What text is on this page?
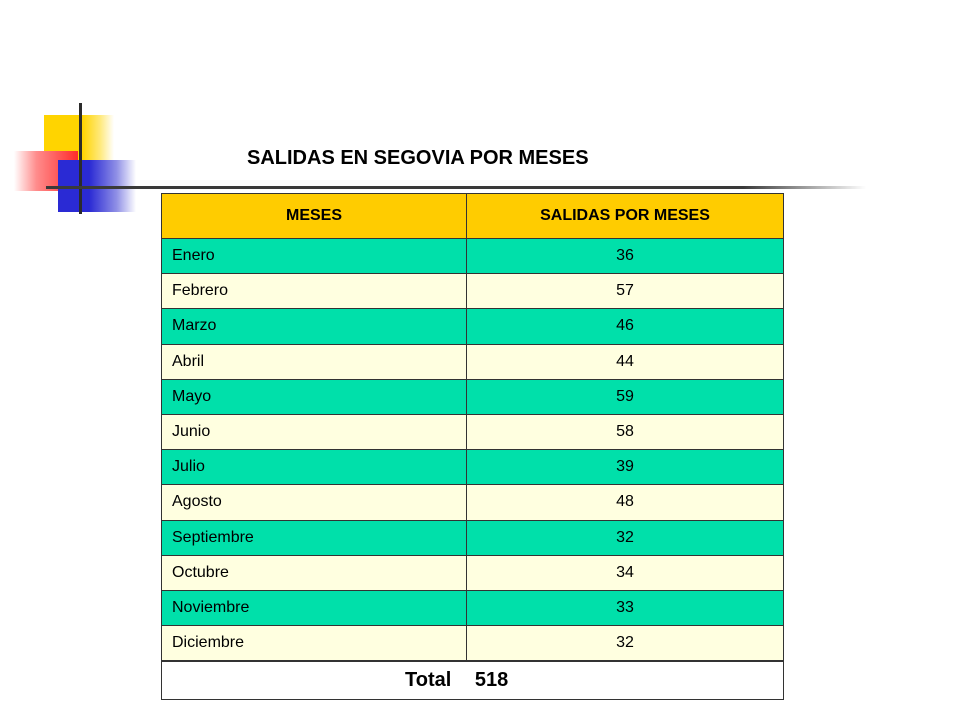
SALIDAS EN SEGOVIA POR MESES
MESES	SALIDAS POR MESES
Enero	36
Febrero	57
Marzo	46
Abril	44
Mayo	59
Junio	58
Julio	39
Agosto	48
Septiembre	32
Octubre	34
Noviembre	33
Diciembre	32
Total 518	
